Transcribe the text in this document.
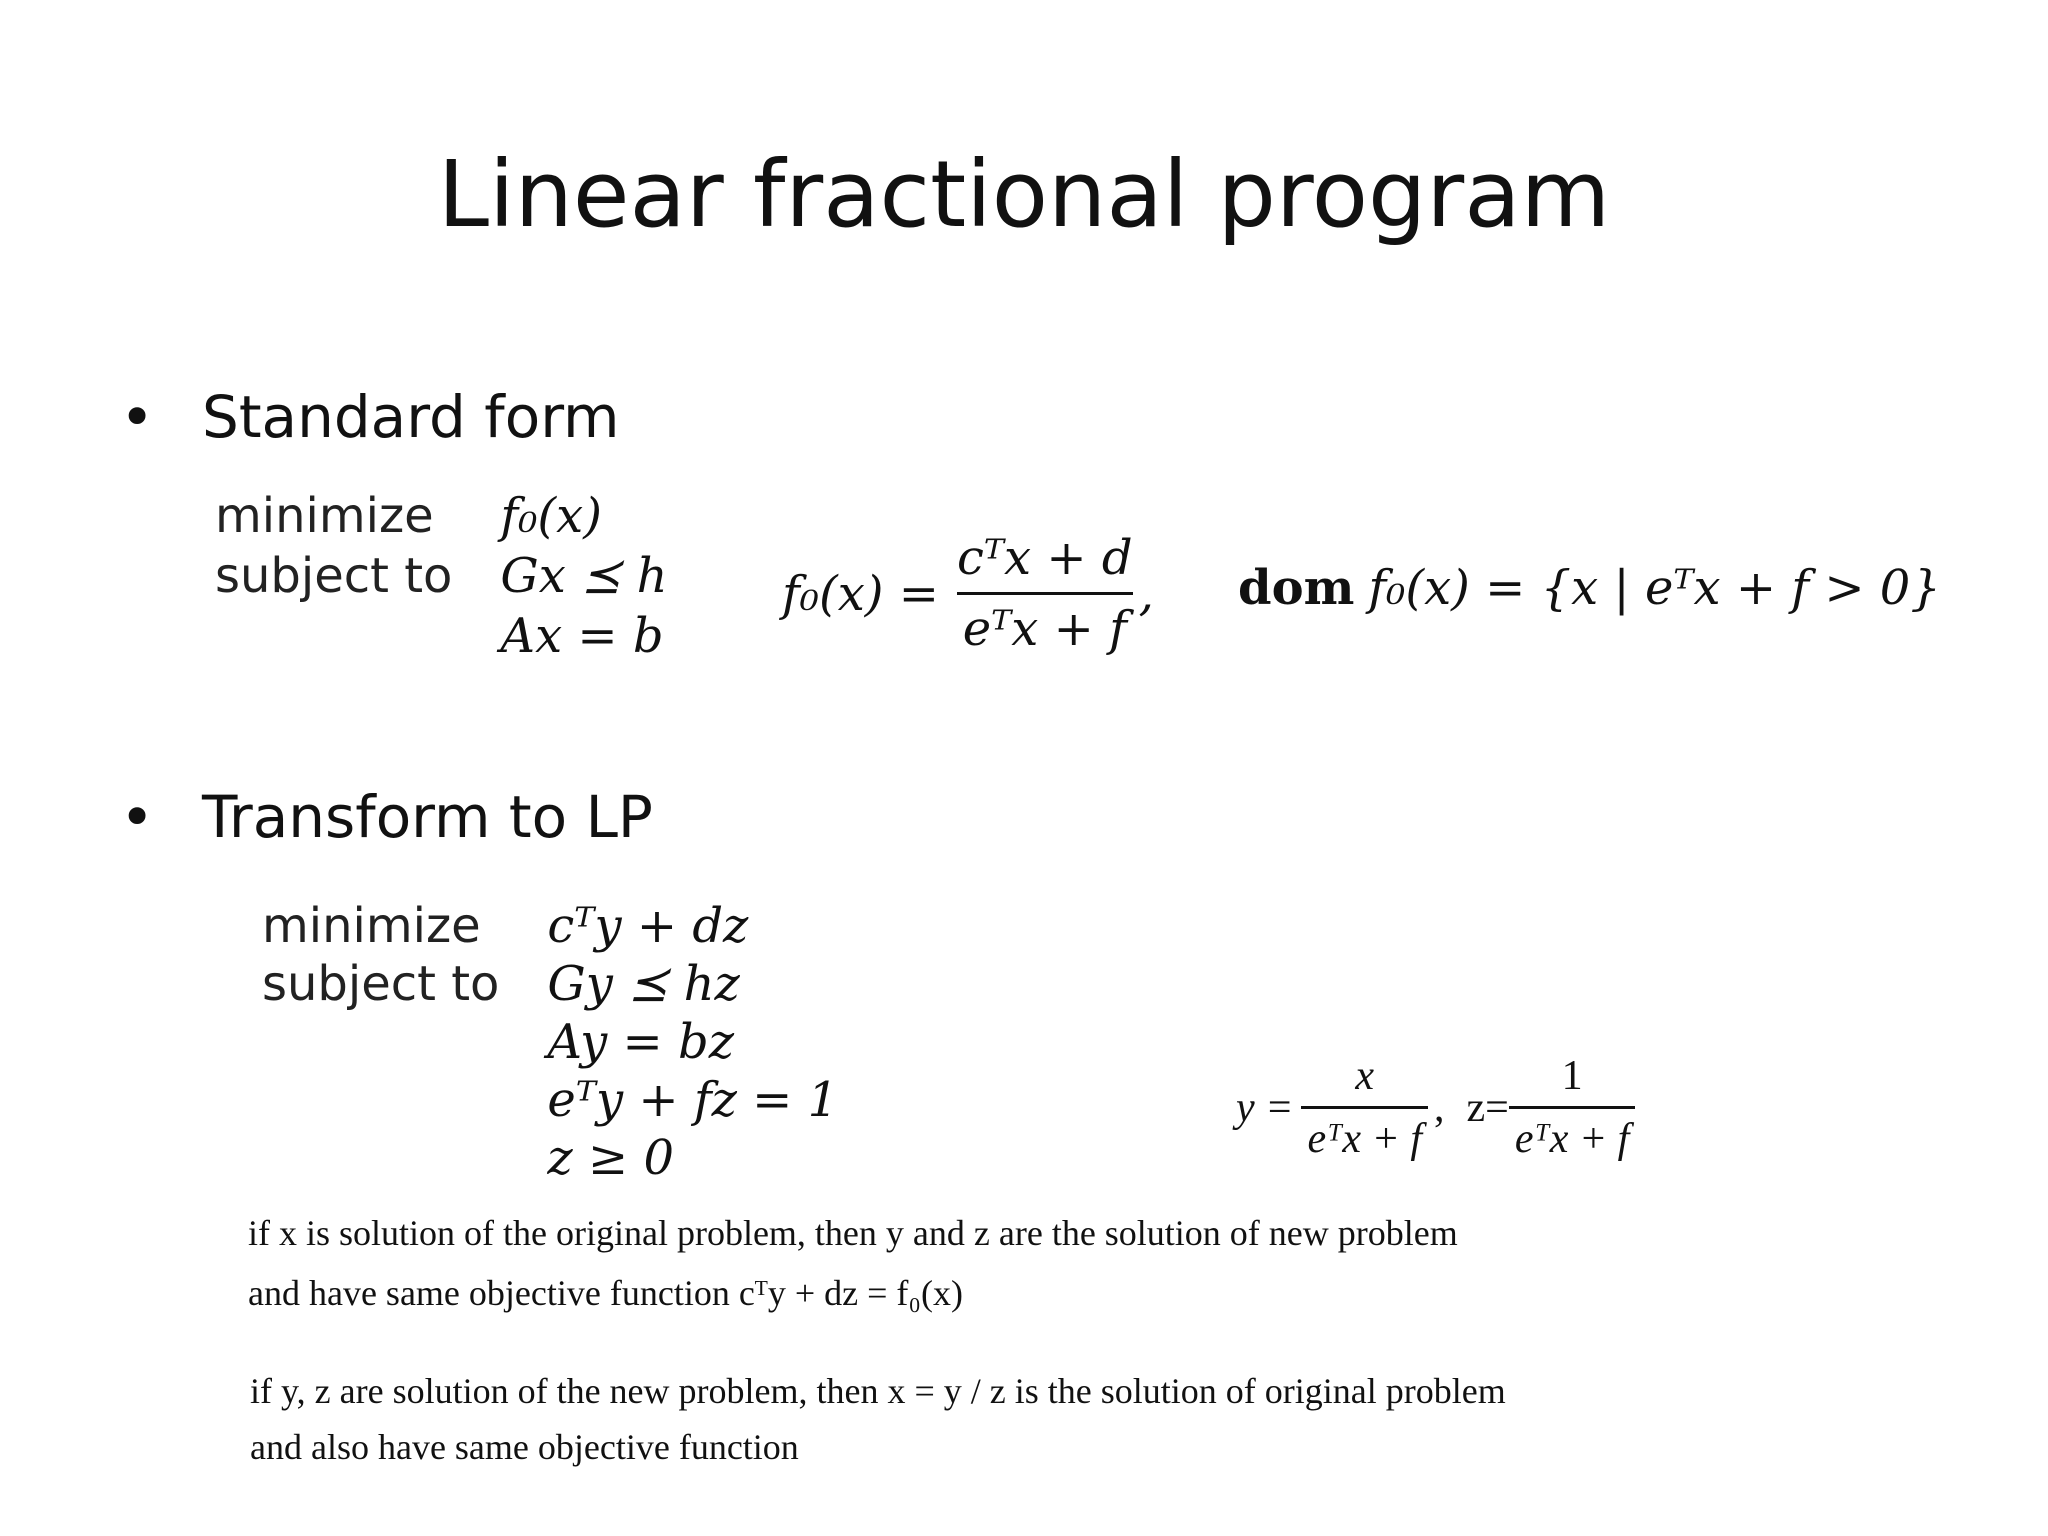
Linear fractional program
• Standard form
minimize	f₀(x)
subject to Gx ⪯ h
Ax = b
$f_0(x) = \frac{\text{cᵀx + d}}{\text{eᵀx + f}}$ , dom f₀(x) = {x | eᵀx + f > 0}
• Transform to LP
minimize	cᵀy + dz
subject to Gy ⪯ hz
Ay = bz
eᵀy + fz = 1
z ≥ 0
$y = \frac{x}{\text{eᵀx + f}}$ , $z= \frac{1}{\text{eᵀx + f}}$
if x is solution of the original problem, then y and z are the solution of new problem
and have same objective function cᵀy + dz = f₀(x)
if y, z are solution of the new problem, then x = y / z is the solution of original problem
and also have same objective function
